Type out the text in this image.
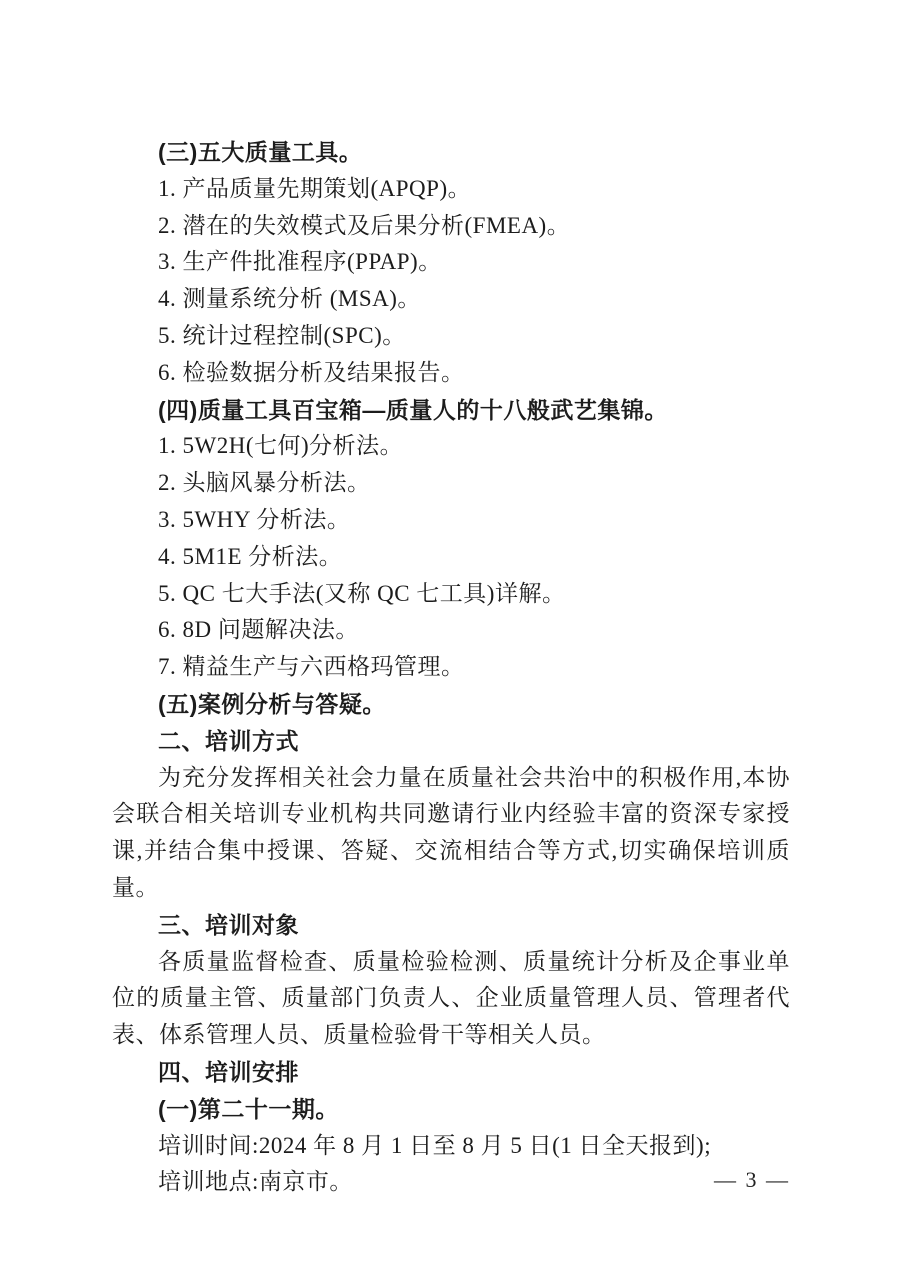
(三)五大质量工具。

1. 产品质量先期策划(APQP)。

2. 潜在的失效模式及后果分析(FMEA)。

3. 生产件批准程序(PPAP)。

4. 测量系统分析 (MSA)。

5. 统计过程控制(SPC)。

6. 检验数据分析及结果报告。

(四)质量工具百宝箱—质量人的十八般武艺集锦。

1. 5W2H(七何)分析法。

2. 头脑风暴分析法。

3. 5WHY 分析法。

4. 5M1E 分析法。

5. QC 七大手法(又称 QC 七工具)详解。

6. 8D 问题解决法。

7. 精益生产与六西格玛管理。

(五)案例分析与答疑。

二、培训方式

为充分发挥相关社会力量在质量社会共治中的积极作用,本协会联合相关培训专业机构共同邀请行业内经验丰富的资深专家授课,并结合集中授课、答疑、交流相结合等方式,切实确保培训质量。

三、培训对象

各质量监督检查、质量检验检测、质量统计分析及企事业单位的质量主管、质量部门负责人、企业质量管理人员、管理者代表、体系管理人员、质量检验骨干等相关人员。

四、培训安排

(一)第二十一期。

培训时间:2024 年 8 月 1 日至 8 月 5 日(1 日全天报到);

培训地点:南京市。	— 3 —
